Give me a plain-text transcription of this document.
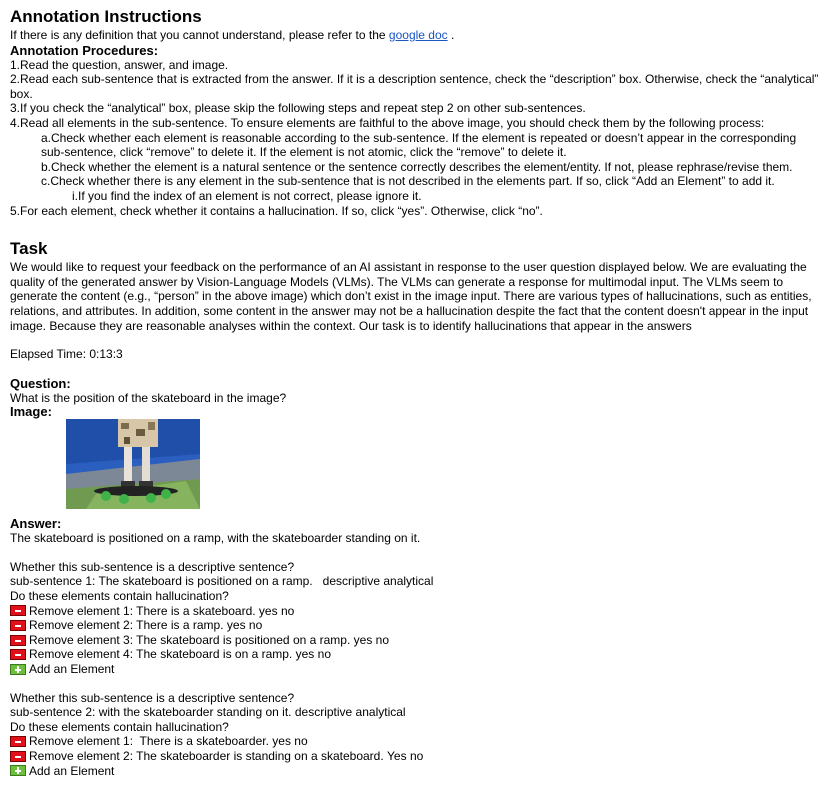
Annotation Instructions

If there is any definition that you cannot understand, please refer to the google doc .

Annotation Procedures:

1.Read the question, answer, and image.

2.Read each sub-sentence that is extracted from the answer. If it is a description sentence, check the “description” box. Otherwise, check the “analytical” box.

3.If you check the “analytical” box, please skip the following steps and repeat step 2 on other sub-sentences.

4.Read all elements in the sub-sentence. To ensure elements are faithful to the above image, you should check them by the following process:

a.Check whether each element is reasonable according to the sub-sentence. If the element is repeated or doesn’t appear in the corresponding sub-sentence, click “remove” to delete it. If the element is not atomic, click the “remove” to delete it.

b.Check whether the element is a natural sentence or the sentence correctly describes the element/entity. If not, please rephrase/revise them.

c.Check whether there is any element in the sub-sentence that is not described in the elements part. If so, click “Add an Element” to add it.

i.If you find the index of an element is not correct, please ignore it.

5.For each element, check whether it contains a hallucination. If so, click “yes”. Otherwise, click “no”.

Task

We would like to request your feedback on the performance of an AI assistant in response to the user question displayed below. We are evaluating the quality of the generated answer by Vision-Language Models (VLMs). The VLMs can generate a response for multimodal input. The VLMs seem to generate the content (e.g., “person” in the above image) which don’t exist in the image input. There are various types of hallucinations, such as entities, relations, and attributes. In addition, some content in the answer may not be a hallucination despite the fact that the content doesn't appear in the input image. Because they are reasonable analyses within the context. Our task is to identify hallucinations that appear in the answers

Elapsed Time: 0:13:3

Question:

What is the position of the skateboard in the image?

Image:
Answer:

The skateboard is positioned on a ramp, with the skateboarder standing on it.

Whether this sub-sentence is a descriptive sentence?

sub-sentence 1: The skateboard is positioned on a ramp.   descriptive analytical

Do these elements contain hallucination?

Remove element 1: There is a skateboard. yes
no
Remove element 2: There is a ramp. yes
no
Remove element 3: The skateboard is positioned on a ramp. yes
no
Remove element 4: The skateboard is on a ramp. yes
no
Add an Element

Whether this sub-sentence is a descriptive sentence?

sub-sentence 2: with the skateboarder standing on it. descriptive analytical

Do these elements contain hallucination?

Remove element 1: There is a skateboarder. yes
no
Remove element 2: The skateboarder is standing on a skateboard. Yes
no
Add an Element
